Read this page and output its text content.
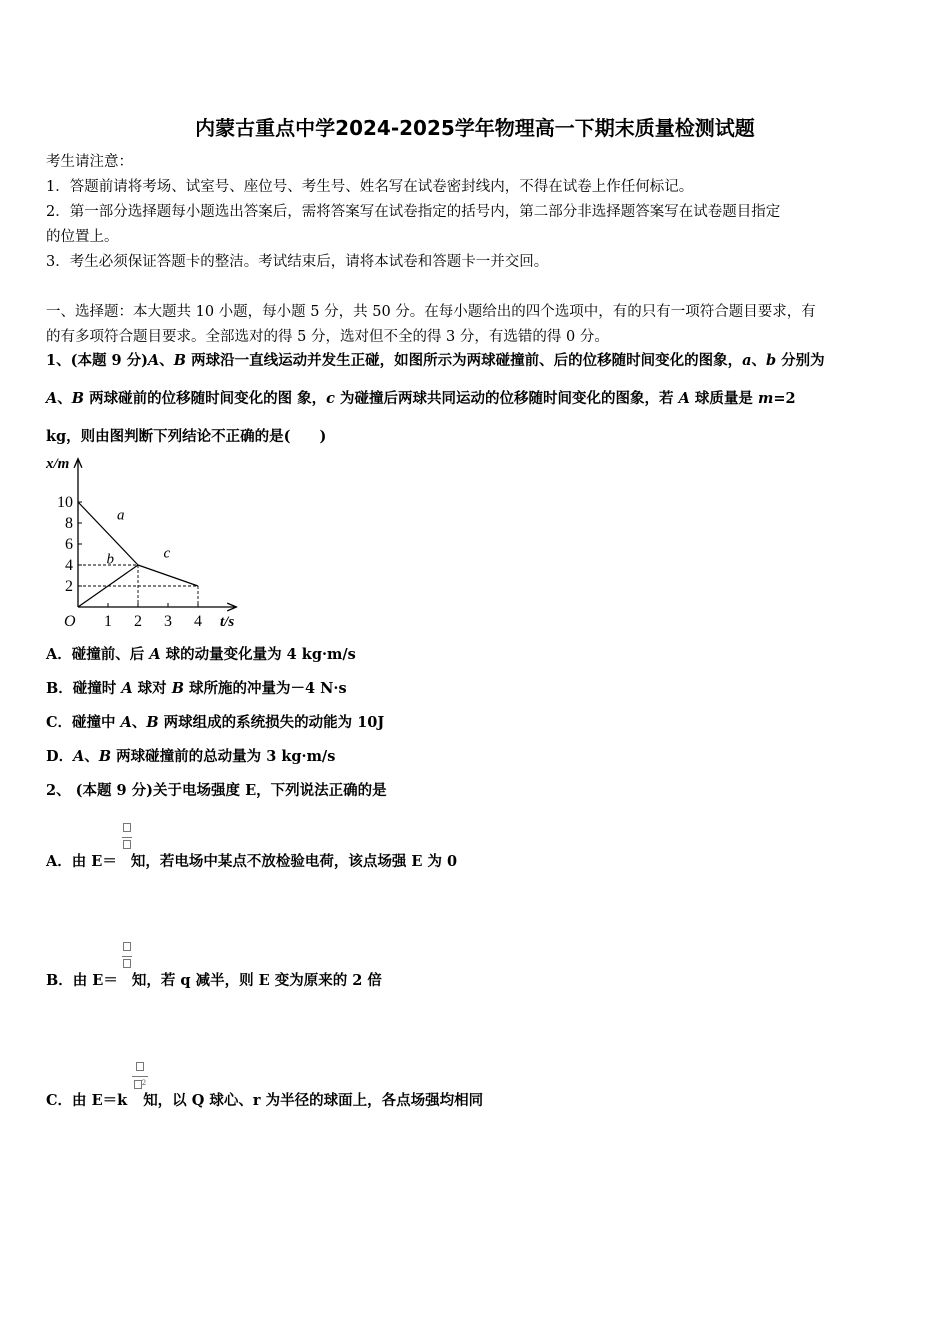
内蒙古重点中学2024-2025学年物理高一下期末质量检测试题
考生请注意：
1．答题前请将考场、试室号、座位号、考生号、姓名写在试卷密封线内，不得在试卷上作任何标记。
2．第一部分选择题每小题选出答案后，需将答案写在试卷指定的括号内，第二部分非选择题答案写在试卷题目指定
的位置上。
3．考生必须保证答题卡的整洁。考试结束后，请将本试卷和答题卡一并交回。
一、选择题：本大题共 10 小题，每小题 5 分，共 50 分。在每小题给出的四个选项中，有的只有一项符合题目要求，有
的有多项符合题目要求。全部选对的得 5 分，选对但不全的得 3 分，有选错的得 0 分。
1、(本题 9 分)A、B 两球沿一直线运动并发生正碰，如图所示为两球碰撞前、后的位移随时间变化的图象，a、b 分别为
A、B 两球碰前的位移随时间变化的图 象，c 为碰撞后两球共同运动的位移随时间变化的图象，若 A 球质量是 m=2
kg，则由图判断下列结论不正确的是(　　)
a
b	c
2
4
6
8
10
1 2 3 4
x/m
t/s
O
A．碰撞前、后 A 球的动量变化量为 4 kg·m/s
B．碰撞时 A 球对 B 球所施的冲量为－4 N·s
C．碰撞中 A、B 两球组成的系统损失的动能为 10J
D．A、B 两球碰撞前的总动量为 3 kg·m/s
2、 (本题 9 分)关于电场强度 E，下列说法正确的是
A．由 E＝ 知，若电场中某点不放检验电荷，该点场强 E 为 0
B．由 E＝ 知，若 q 减半，则 E 变为原来的 2 倍
$^2$
C．由 E＝k 知，以 Q 球心、r 为半径的球面上，各点场强均相同
